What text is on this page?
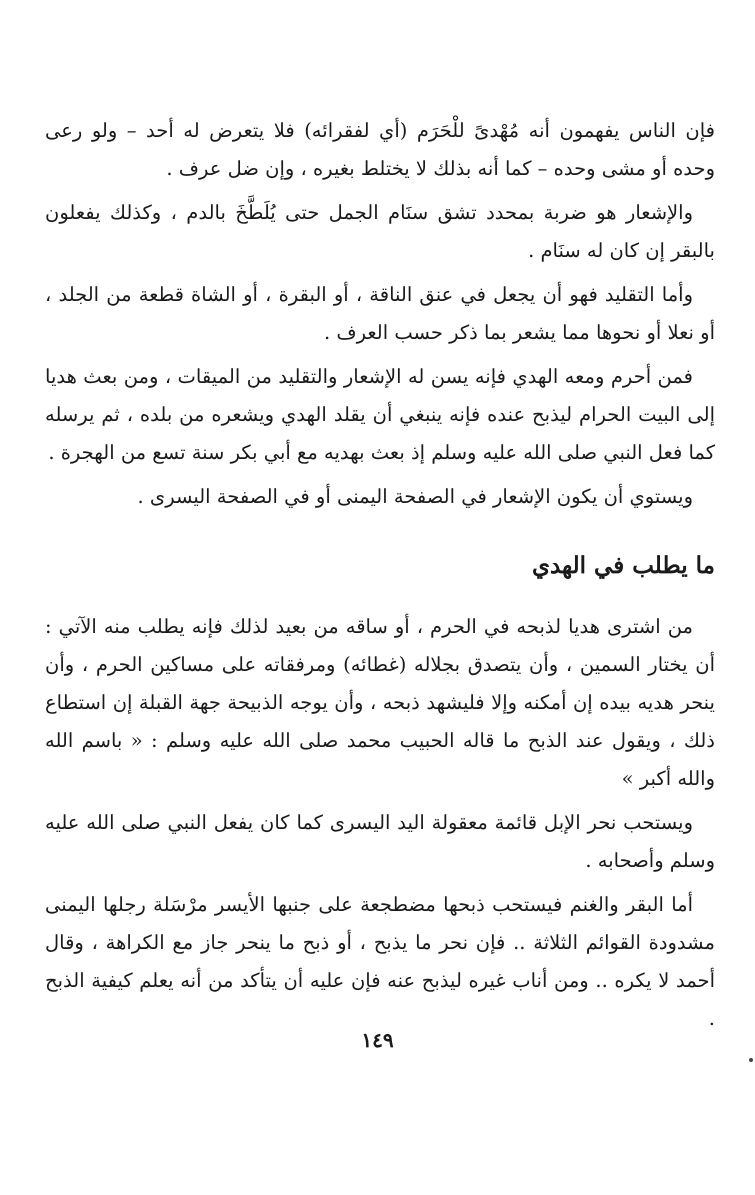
فإن الناس يفهمون أنه مُهْدىً للْحَرَم (أي لفقرائه) فلا يتعرض له أحد – ولو رعى وحده أو مشى وحده – كما أنه بذلك لا يختلط بغيره ، وإن ضل عرف .

والإشعار هو ضربة بمحدد تشق سنَام الجمل حتى يُلَطَّخَ بالدم ، وكذلك يفعلون بالبقر إن كان له سنَام .

وأما التقليد فهو أن يجعل في عنق الناقة ، أو البقرة ، أو الشاة قطعة من الجلد ، أو نعلا أو نحوها مما يشعر بما ذكر حسب العرف .

فمن أحرم ومعه الهدي فإنه يسن له الإشعار والتقليد من الميقات ، ومن بعث هديا إلى البيت الحرام ليذبح عنده فإنه ينبغي أن يقلد الهدي ويشعره من بلده ، ثم يرسله كما فعل النبي صلى الله عليه وسلم إذ بعث بهديه مع أبي بكر سنة تسع من الهجرة .

ويستوي أن يكون الإشعار في الصفحة اليمنى أو في الصفحة اليسرى .

ما يطلب في الهدي

من اشترى هديا لذبحه في الحرم ، أو ساقه من بعيد لذلك فإنه يطلب منه الآتي : أن يختار السمين ، وأن يتصدق بجلاله (غطائه) ومرفقاته على مساكين الحرم ، وأن ينحر هديه بيده إن أمكنه وإلا فليشهد ذبحه ، وأن يوجه الذبيحة جهة القبلة إن استطاع ذلك ، ويقول عند الذبح ما قاله الحبيب محمد صلى الله عليه وسلم : « باسم الله والله أكبر »

ويستحب نحر الإبل قائمة معقولة اليد اليسرى كما كان يفعل النبي صلى الله عليه وسلم وأصحابه .

أما البقر والغنم فيستحب ذبحها مضطجعة على جنبها الأيسر مرْسَلة رجلها اليمنى مشدودة القوائم الثلاثة .. فإن نحر ما يذبح ، أو ذبح ما ينحر جاز مع الكراهة ، وقال أحمد لا يكره .. ومن أناب غيره ليذبح عنه فإن عليه أن يتأكد من أنه يعلم كيفية الذبح .

١٤٩
